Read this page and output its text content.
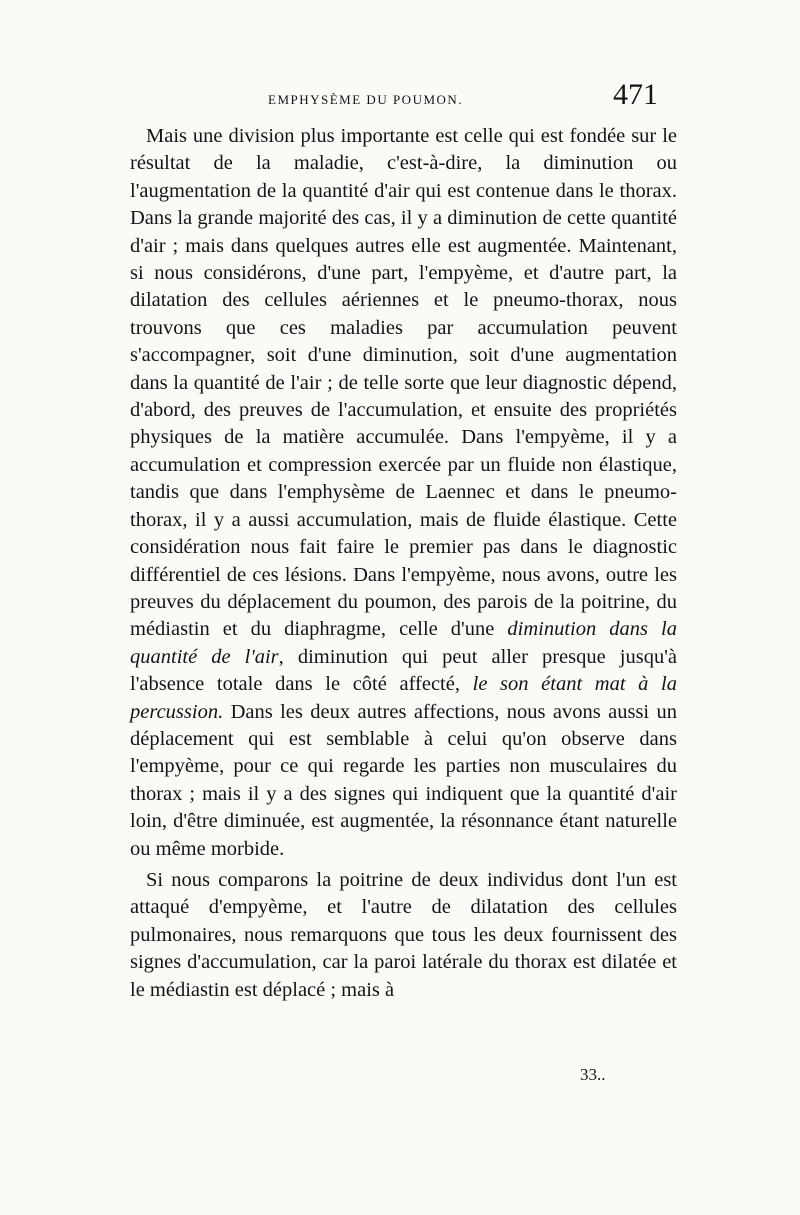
EMPHYSÈME DU POUMON.	471

Mais une division plus importante est celle qui est fondée sur le résultat de la maladie, c'est-à-dire, la diminution ou l'augmentation de la quantité d'air qui est contenue dans le thorax. Dans la grande majorité des cas, il y a diminution de cette quantité d'air ; mais dans quelques autres elle est augmentée. Maintenant, si nous considérons, d'une part, l'empyème, et d'autre part, la dilatation des cellules aériennes et le pneumo-thorax, nous trouvons que ces maladies par accumulation peuvent s'accompagner, soit d'une diminution, soit d'une augmentation dans la quantité de l'air ; de telle sorte que leur diagnostic dépend, d'abord, des preuves de l'accumulation, et ensuite des propriétés physiques de la matière accumulée. Dans l'empyème, il y a accumulation et compression exercée par un fluide non élastique, tandis que dans l'emphysème de Laennec et dans le pneumo-thorax, il y a aussi accumulation, mais de fluide élastique. Cette considération nous fait faire le premier pas dans le diagnostic différentiel de ces lésions. Dans l'empyème, nous avons, outre les preuves du déplacement du poumon, des parois de la poitrine, du médiastin et du diaphragme, celle d'une diminution dans la quantité de l'air, diminution qui peut aller presque jusqu'à l'absence totale dans le côté affecté, le son étant mat à la percussion. Dans les deux autres affections, nous avons aussi un déplacement qui est semblable à celui qu'on observe dans l'empyème, pour ce qui regarde les parties non musculaires du thorax ; mais il y a des signes qui indiquent que la quantité d'air loin, d'être diminuée, est augmentée, la résonnance étant naturelle ou même morbide.

Si nous comparons la poitrine de deux individus dont l'un est attaqué d'empyème, et l'autre de dilatation des cellules pulmonaires, nous remarquons que tous les deux fournissent des signes d'accumulation, car la paroi latérale du thorax est dilatée et le médiastin est déplacé ; mais à

33..
